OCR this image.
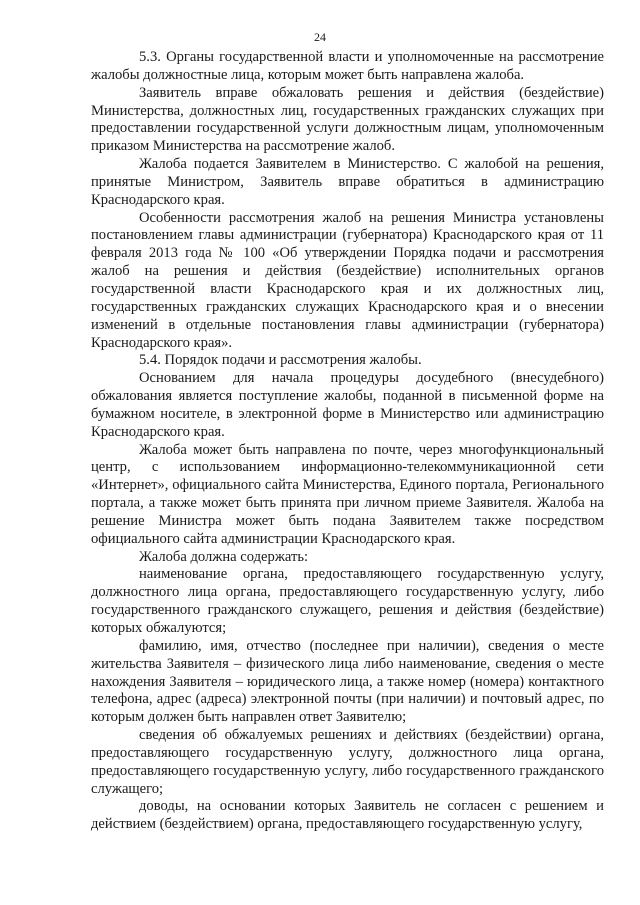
24

5.3. Органы государственной власти и уполномоченные на рассмотрение жалобы должностные лица, которым может быть направлена жалоба.

Заявитель вправе обжаловать решения и действия (бездействие) Министерства, должностных лиц, государственных гражданских служащих при предоставлении государственной услуги должностным лицам, уполномоченным приказом Министерства на рассмотрение жалоб.

Жалоба подается Заявителем в Министерство. С жалобой на решения, принятые Министром, Заявитель вправе обратиться в администрацию Краснодарского края.

Особенности рассмотрения жалоб на решения Министра установлены постановлением главы администрации (губернатора) Краснодарского края от 11 февраля 2013 года № 100 «Об утверждении Порядка подачи и рассмотрения жалоб на решения и действия (бездействие) исполнительных органов государственной власти Краснодарского края и их должностных лиц, государственных гражданских служащих Краснодарского края и о внесении изменений в отдельные постановления главы администрации (губернатора) Краснодарского края».

5.4. Порядок подачи и рассмотрения жалобы.

Основанием для начала процедуры досудебного (внесудебного) обжалования является поступление жалобы, поданной в письменной форме на бумажном носителе, в электронной форме в Министерство или администрацию Краснодарского края.

Жалоба может быть направлена по почте, через многофункциональный центр, с использованием информационно-телекоммуникационной сети «Интернет», официального сайта Министерства, Единого портала, Регионального портала, а также может быть принята при личном приеме Заявителя. Жалоба на решение Министра может быть подана Заявителем также посредством официального сайта администрации Краснодарского края.

Жалоба должна содержать:

наименование органа, предоставляющего государственную услугу, должностного лица органа, предоставляющего государственную услугу, либо государственного гражданского служащего, решения и действия (бездействие) которых обжалуются;

фамилию, имя, отчество (последнее при наличии), сведения о месте жительства Заявителя – физического лица либо наименование, сведения о месте нахождения Заявителя – юридического лица, а также номер (номера) контактного телефона, адрес (адреса) электронной почты (при наличии) и почтовый адрес, по которым должен быть направлен ответ Заявителю;

сведения об обжалуемых решениях и действиях (бездействии) органа, предоставляющего государственную услугу, должностного лица органа, предоставляющего государственную услугу, либо государственного гражданского служащего;

доводы, на основании которых Заявитель не согласен с решением и действием (бездействием) органа, предоставляющего государственную услугу,
